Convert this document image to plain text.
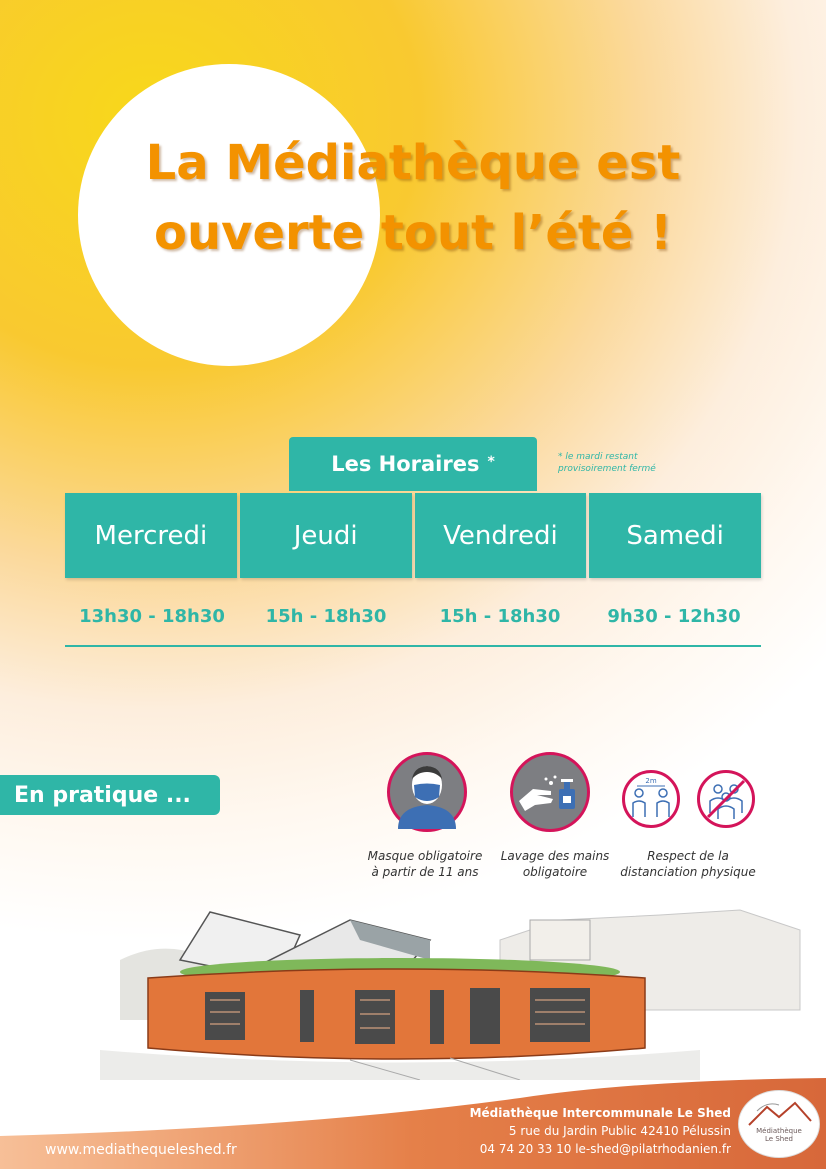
La Médiathèque est
ouverte tout l’été !
Les Horaires *	* le mardi restant
provisoirement fermé
Mercredi	Jeudi	Vendredi	Samedi
13h30 - 18h30	15h - 18h30	15h - 18h30	9h30 - 12h30
En pratique ...
2m
Masque obligatoire
à partir de 11 ans
Lavage des mains
obligatoire
Respect de la
distanciation physique
Médiathèque Intercommunale Le Shed
5 rue du Jardin Public 42410 Pélussin
04 74 20 33 10 le-shed@pilatrhodanien.fr
www.mediathequeleshed.fr
Médiathèque
Le Shed
